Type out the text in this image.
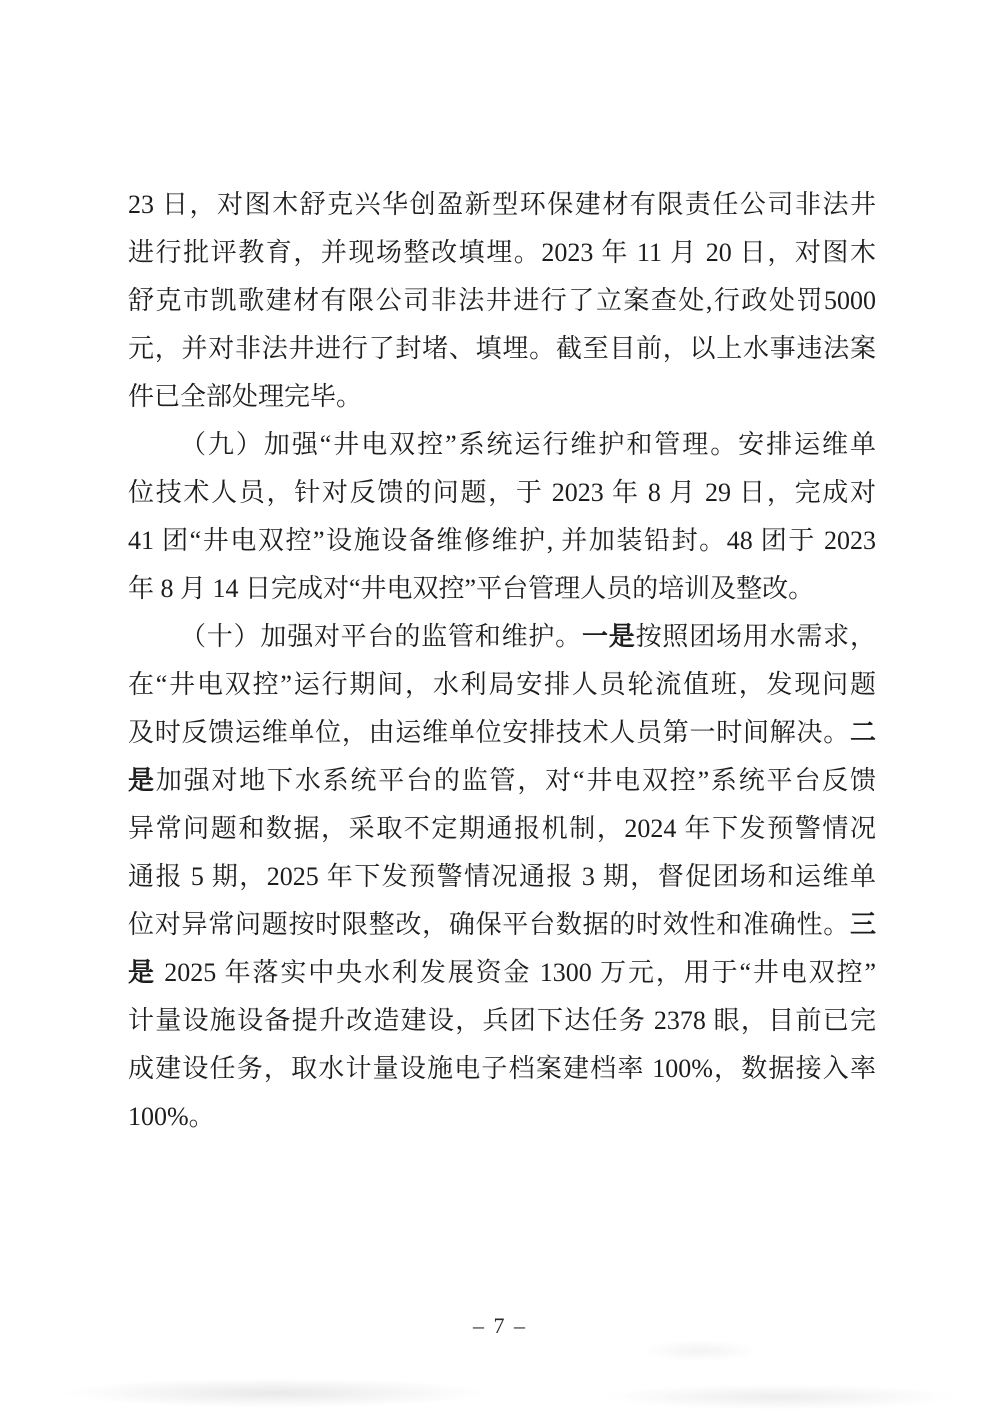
23 日，对图木舒克兴华创盈新型环保建材有限责任公司非法井
进行批评教育，并现场整改填埋。2023 年 11 月 20 日，对图木
舒克市凯歌建材有限公司非法井进行了立案查处,行政处罚5000
元，并对非法井进行了封堵、填埋。截至目前，以上水事违法案
件已全部处理完毕。
（九）加强“井电双控”系统运行维护和管理。安排运维单
位技术人员，针对反馈的问题，于 2023 年 8 月 29 日，完成对
41 团“井电双控”设施设备维修维护, 并加装铅封。48 团于 2023
年 8 月 14 日完成对“井电双控”平台管理人员的培训及整改。
（十）加强对平台的监管和维护。一是按照团场用水需求，
在“井电双控”运行期间，水利局安排人员轮流值班，发现问题
及时反馈运维单位，由运维单位安排技术人员第一时间解决。二
是加强对地下水系统平台的监管，对“井电双控”系统平台反馈
异常问题和数据，采取不定期通报机制，2024 年下发预警情况
通报 5 期，2025 年下发预警情况通报 3 期，督促团场和运维单
位对异常问题按时限整改，确保平台数据的时效性和准确性。三
是 2025 年落实中央水利发展资金 1300 万元，用于“井电双控”
计量设施设备提升改造建设，兵团下达任务 2378 眼，目前已完
成建设任务，取水计量设施电子档案建档率 100%，数据接入率
100%。
– 7 –
